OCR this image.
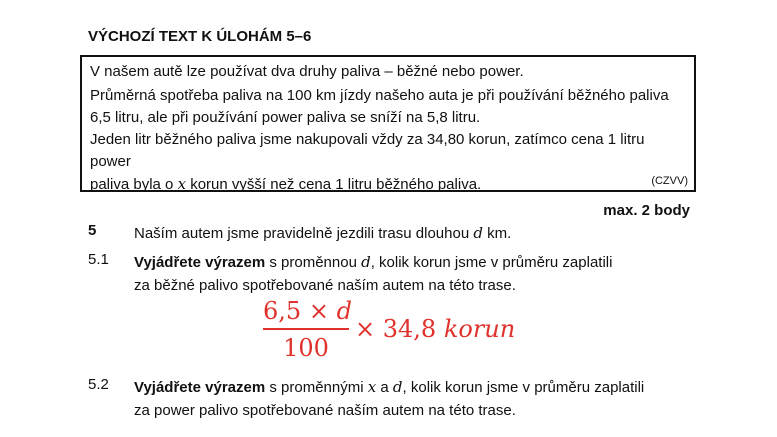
VÝCHOZÍ TEXT K ÚLOHÁM 5–6

V našem autě lze používat dva druhy paliva – běžné nebo power.

Průměrná spotřeba paliva na 100 km jízdy našeho auta je při používání běžného paliva

6,5 litru, ale při používání power paliva se sníží na 5,8 litru.

Jeden litr běžného paliva jsme nakupovali vždy za 34,80 korun, zatímco cena 1 litru power

paliva byla o x korun vyšší než cena 1 litru běžného paliva.	(CZVV)
max. 2 body
5	Naším autem jsme pravidelně jezdili trasu dlouhou d km.
5.1 Vyjádřete výrazem s proměnnou d, kolik korun jsme v průměru zaplatili
za běžné palivo spotřebované naším autem na této trase.
6,5 × d
100
× 34,8 korun
5.2 Vyjádřete výrazem s proměnnými x a d, kolik korun jsme v průměru zaplatili
za power palivo spotřebované naším autem na této trase.
